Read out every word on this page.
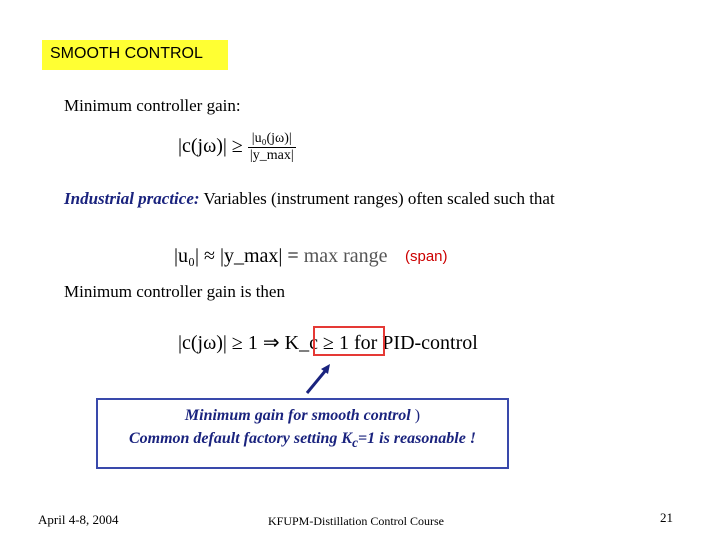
SMOOTH CONTROL
Minimum controller gain:
$|c(j\omega)| \ge \frac{\text{|u₀(jω)|}}{|y\_\max|}$
Industrial practice: Variables (instrument ranges) often scaled such that
|u₀| ≈ |y_max| = max range (span)
Minimum controller gain is then
|c(jω)| ≥ 1 ⇒ K_c ≥ 1 for PID-control
Minimum gain for smooth control )
Common default factory setting $K_c=1$ is reasonable !
April 4-8, 2004	KFUPM-Distillation Control Course	21
